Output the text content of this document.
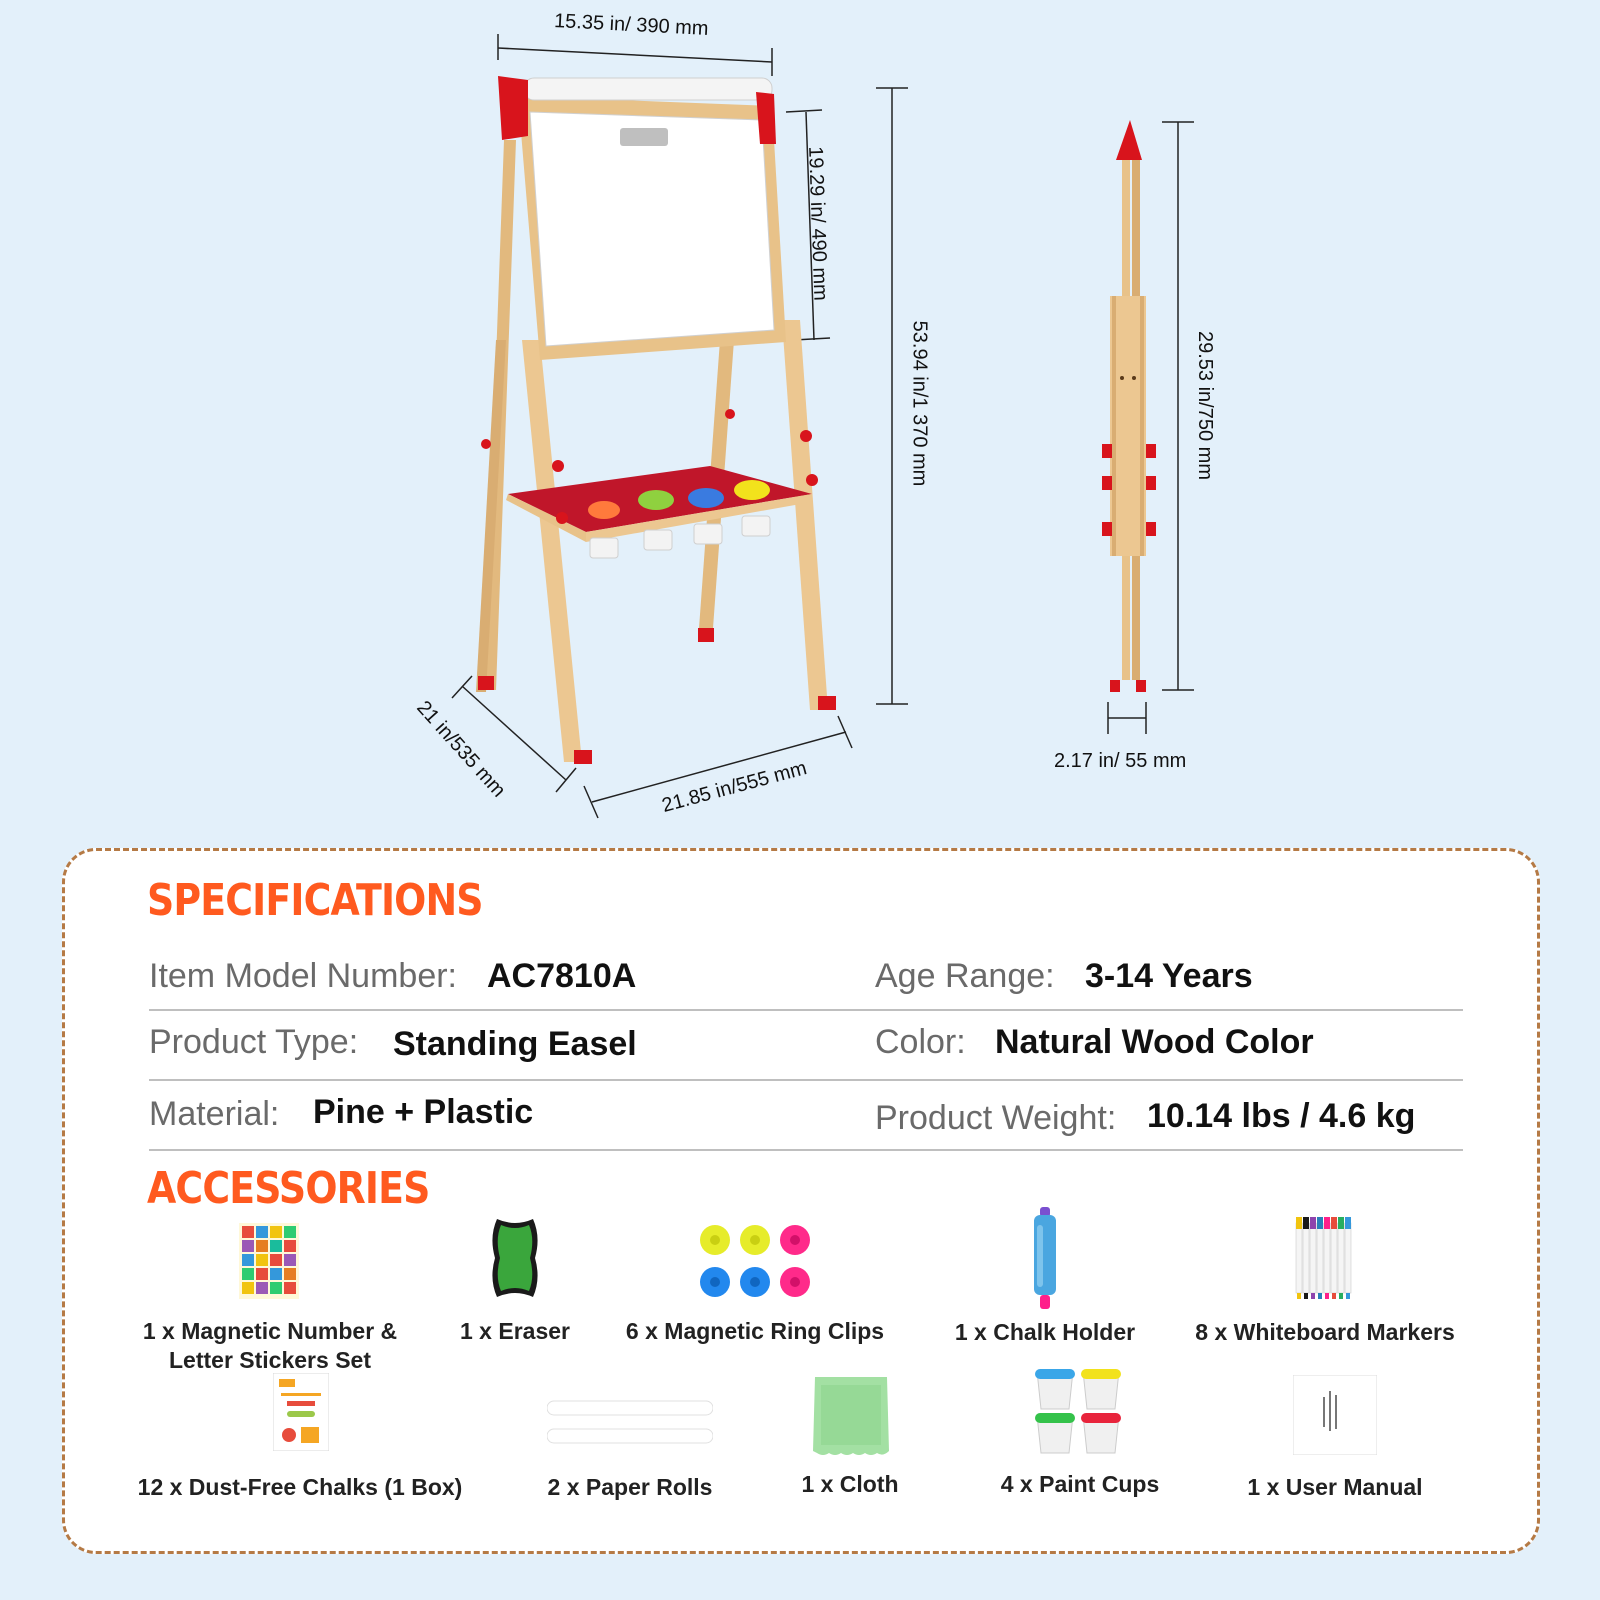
15.35 in/ 390 mm
19.29 in/ 490 mm
53.94 in/1 370 mm
21 in/535 mm	21.85 in/555 mm
29.53 in/750 mm
2.17 in/ 55 mm
SPECIFICATIONS
Item Model Number: AC7810A	Age Range: 3-14 Years
Product Type: Standing Easel	Color: Natural Wood Color
Material: Pine + Plastic	Product Weight: 10.14 lbs / 4.6 kg
ACCESSORIES
1 x Magnetic Number &
Letter Stickers Set
1 x Eraser	6 x Magnetic Ring Clips	1 x Chalk Holder	8 x Whiteboard Markers
12 x Dust-Free Chalks (1 Box)	2 x Paper Rolls	1 x Cloth	4 x Paint Cups	1 x User Manual
